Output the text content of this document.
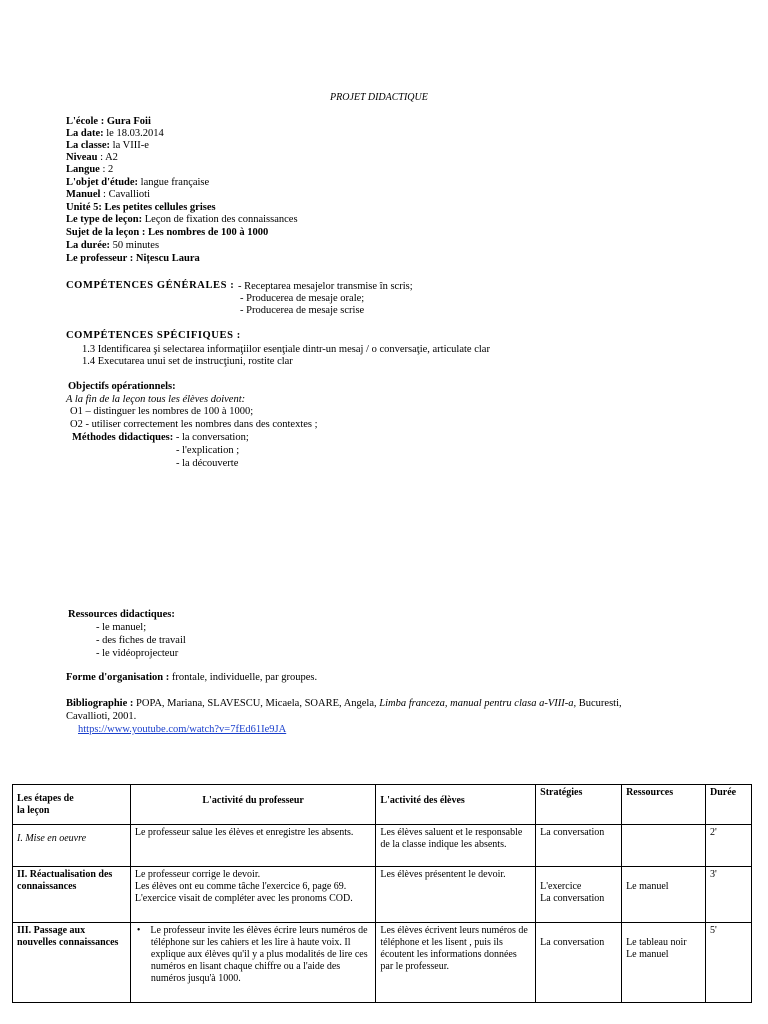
PROJET DIDACTIQUE
L'école : Gura Foii
La date: le 18.03.2014
La classe: la VIII-e
Niveau : A2
Langue : 2
L'objet d'étude: langue française
Manuel : Cavallioti
Unité 5: Les petites cellules grises
Le type de leçon: Leçon de fixation des connaissances
Sujet de la leçon : Les nombres de 100 à 1000
La durée: 50 minutes
Le professeur : Nițescu Laura
COMPÉTENCES GÉNÉRALES : - Receptarea mesajelor transmise în scris;
- Producerea de mesaje orale;
- Producerea de mesaje scrise
COMPÉTENCES SPÉCIFIQUES :
1.3 Identificarea şi selectarea informaţiilor esenţiale dintr-un mesaj / o conversaţie, articulate clar
1.4 Executarea unui set de instrucţiuni, rostite clar
Objectifs opérationnels:
A la fin de la leçon tous les élèves doivent:
O1 – distinguer les nombres de 100 à 1000;
O2 - utiliser correctement les nombres dans des contextes ;
Méthodes didactiques: - la conversation;
- l'explication ;
- la découverte
Ressources didactiques:
- le manuel;
- des fiches de travail
- le vidéoprojecteur
Forme d'organisation : frontale, individuelle, par groupes.
Bibliographie : POPA, Mariana, SLAVESCU, Micaela, SOARE, Angela, Limba franceza, manual pentru clasa a-VIII-a, Bucuresti,
Cavallioti, 2001.
https://www.youtube.com/watch?v=7fEd61Ie9JA
Les étapes de
la leçon	L'activité du professeur	L'activité des élèves	Stratégies	Ressources	Durée
I. Mise en oeuvre	Le professeur salue les élèves et enregistre les absents.	Les élèves saluent et le responsable de la classe indique les absents.	La conversation		2'
II. Réactualisation des connaissances	Le professeur corrige le devoir.
Les élèves ont eu comme tâche l'exercice 6, page 69. L'exercice visait de compléter avec les pronoms COD.	Les élèves présentent le devoir.	L'exercice
La conversation	Le manuel	3'
III. Passage aux nouvelles connaissances	•    Le professeur invite les élèves écrire leurs numéros de téléphone sur les cahiers et les lire à haute voix. Il explique aux élèves qu'il y a plus modalités de lire ces numéros en lisant chaque chiffre ou a l'aide des numéros jusqu'à 1000.	Les élèves écrivent leurs numéros de téléphone et les lisent , puis ils écoutent les informations données par le professeur.	La conversation	Le tableau noir
Le manuel	5'
